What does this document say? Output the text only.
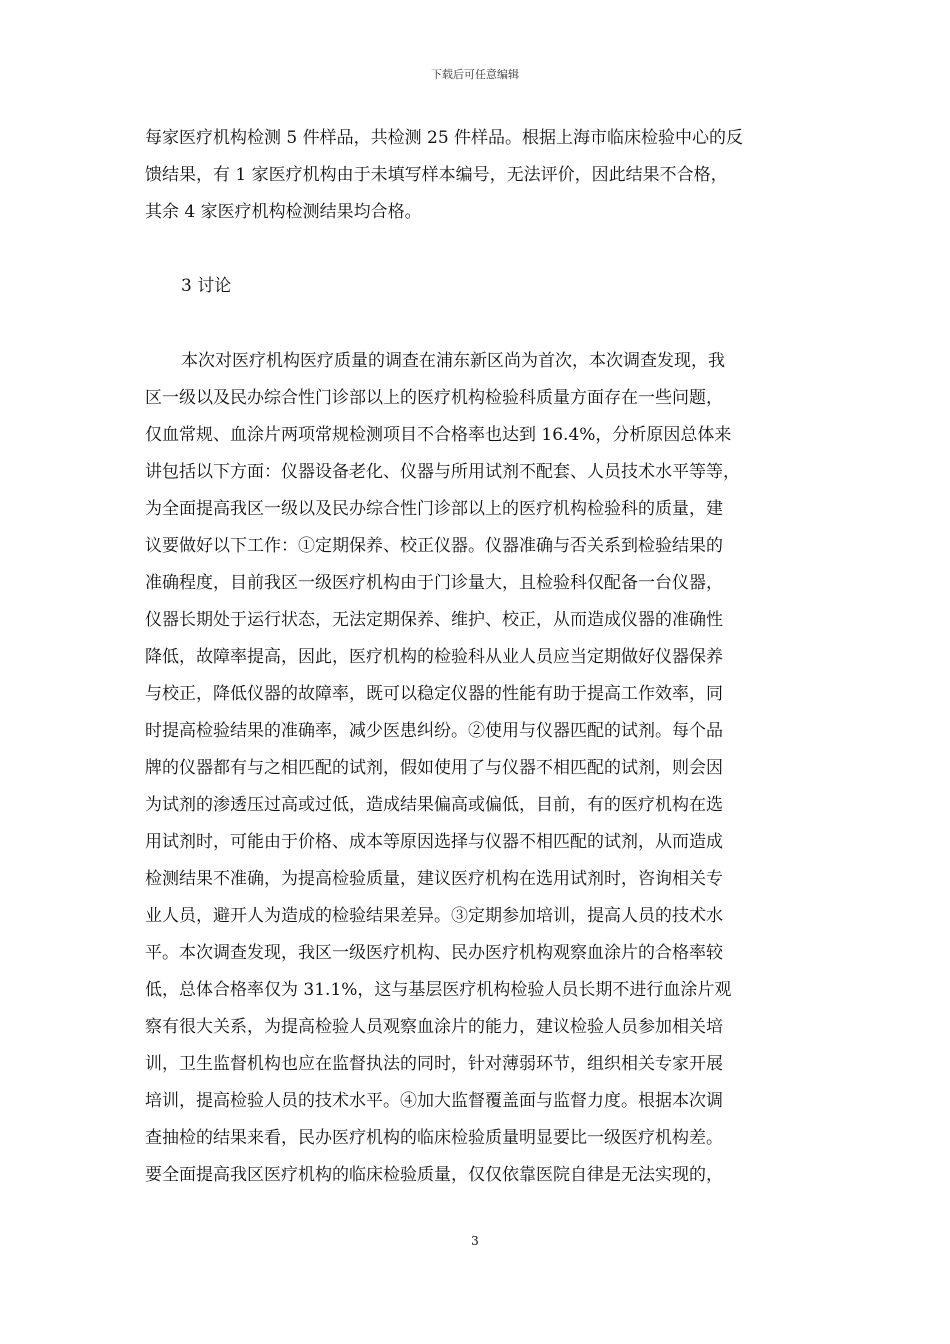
下载后可任意编辑
每家医疗机构检测 5 件样品，共检测 25 件样品。根据上海市临床检验中心的反
馈结果，有 1 家医疗机构由于未填写样本编号，无法评价，因此结果不合格，
其余 4 家医疗机构检测结果均合格。
3 讨论
本次对医疗机构医疗质量的调查在浦东新区尚为首次，本次调查发现，我
区一级以及民办综合性门诊部以上的医疗机构检验科质量方面存在一些问题，
仅血常规、血涂片两项常规检测项目不合格率也达到 16.4%，分析原因总体来
讲包括以下方面：仪器设备老化、仪器与所用试剂不配套、人员技术水平等等，
为全面提高我区一级以及民办综合性门诊部以上的医疗机构检验科的质量，建
议要做好以下工作：①定期保养、校正仪器。仪器准确与否关系到检验结果的
准确程度，目前我区一级医疗机构由于门诊量大，且检验科仅配备一台仪器，
仪器长期处于运行状态，无法定期保养、维护、校正，从而造成仪器的准确性
降低，故障率提高，因此，医疗机构的检验科从业人员应当定期做好仪器保养
与校正，降低仪器的故障率，既可以稳定仪器的性能有助于提高工作效率，同
时提高检验结果的准确率，减少医患纠纷。②使用与仪器匹配的试剂。每个品
牌的仪器都有与之相匹配的试剂，假如使用了与仪器不相匹配的试剂，则会因
为试剂的渗透压过高或过低，造成结果偏高或偏低，目前，有的医疗机构在选
用试剂时，可能由于价格、成本等原因选择与仪器不相匹配的试剂，从而造成
检测结果不准确，为提高检验质量，建议医疗机构在选用试剂时，咨询相关专
业人员，避开人为造成的检验结果差异。③定期参加培训，提高人员的技术水
平。本次调查发现，我区一级医疗机构、民办医疗机构观察血涂片的合格率较
低，总体合格率仅为 31.1%，这与基层医疗机构检验人员长期不进行血涂片观
察有很大关系，为提高检验人员观察血涂片的能力，建议检验人员参加相关培
训，卫生监督机构也应在监督执法的同时，针对薄弱环节，组织相关专家开展
培训，提高检验人员的技术水平。④加大监督覆盖面与监督力度。根据本次调
查抽检的结果来看，民办医疗机构的临床检验质量明显要比一级医疗机构差。
要全面提高我区医疗机构的临床检验质量，仅仅依靠医院自律是无法实现的，
3
